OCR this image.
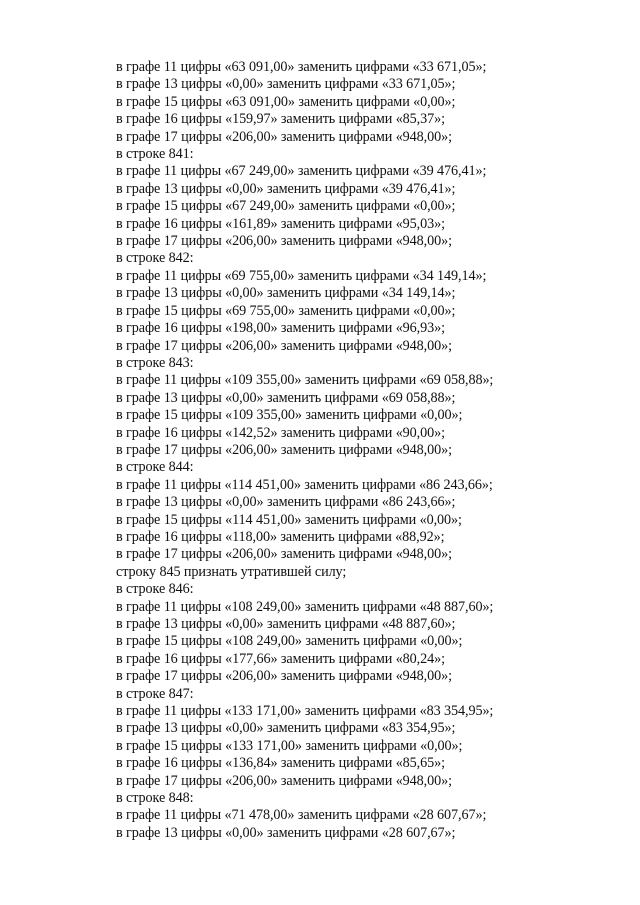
в графе 11 цифры «63 091,00» заменить цифрами «33 671,05»;

в графе 13 цифры «0,00» заменить цифрами «33 671,05»;

в графе 15 цифры «63 091,00» заменить цифрами «0,00»;

в графе 16 цифры «159,97» заменить цифрами «85,37»;

в графе 17 цифры «206,00» заменить цифрами «948,00»;

в строке 841:

в графе 11 цифры «67 249,00» заменить цифрами «39 476,41»;

в графе 13 цифры «0,00» заменить цифрами «39 476,41»;

в графе 15 цифры «67 249,00» заменить цифрами «0,00»;

в графе 16 цифры «161,89» заменить цифрами «95,03»;

в графе 17 цифры «206,00» заменить цифрами «948,00»;

в строке 842:

в графе 11 цифры «69 755,00» заменить цифрами «34 149,14»;

в графе 13 цифры «0,00» заменить цифрами «34 149,14»;

в графе 15 цифры «69 755,00» заменить цифрами «0,00»;

в графе 16 цифры «198,00» заменить цифрами «96,93»;

в графе 17 цифры «206,00» заменить цифрами «948,00»;

в строке 843:

в графе 11 цифры «109 355,00» заменить цифрами «69 058,88»;

в графе 13 цифры «0,00» заменить цифрами «69 058,88»;

в графе 15 цифры «109 355,00» заменить цифрами «0,00»;

в графе 16 цифры «142,52» заменить цифрами «90,00»;

в графе 17 цифры «206,00» заменить цифрами «948,00»;

в строке 844:

в графе 11 цифры «114 451,00» заменить цифрами «86 243,66»;

в графе 13 цифры «0,00» заменить цифрами «86 243,66»;

в графе 15 цифры «114 451,00» заменить цифрами «0,00»;

в графе 16 цифры «118,00» заменить цифрами «88,92»;

в графе 17 цифры «206,00» заменить цифрами «948,00»;

строку 845 признать утратившей силу;

в строке 846:

в графе 11 цифры «108 249,00» заменить цифрами «48 887,60»;

в графе 13 цифры «0,00» заменить цифрами «48 887,60»;

в графе 15 цифры «108 249,00» заменить цифрами «0,00»;

в графе 16 цифры «177,66» заменить цифрами «80,24»;

в графе 17 цифры «206,00» заменить цифрами «948,00»;

в строке 847:

в графе 11 цифры «133 171,00» заменить цифрами «83 354,95»;

в графе 13 цифры «0,00» заменить цифрами «83 354,95»;

в графе 15 цифры «133 171,00» заменить цифрами «0,00»;

в графе 16 цифры «136,84» заменить цифрами «85,65»;

в графе 17 цифры «206,00» заменить цифрами «948,00»;

в строке 848:

в графе 11 цифры «71 478,00» заменить цифрами «28 607,67»;

в графе 13 цифры «0,00» заменить цифрами «28 607,67»;
